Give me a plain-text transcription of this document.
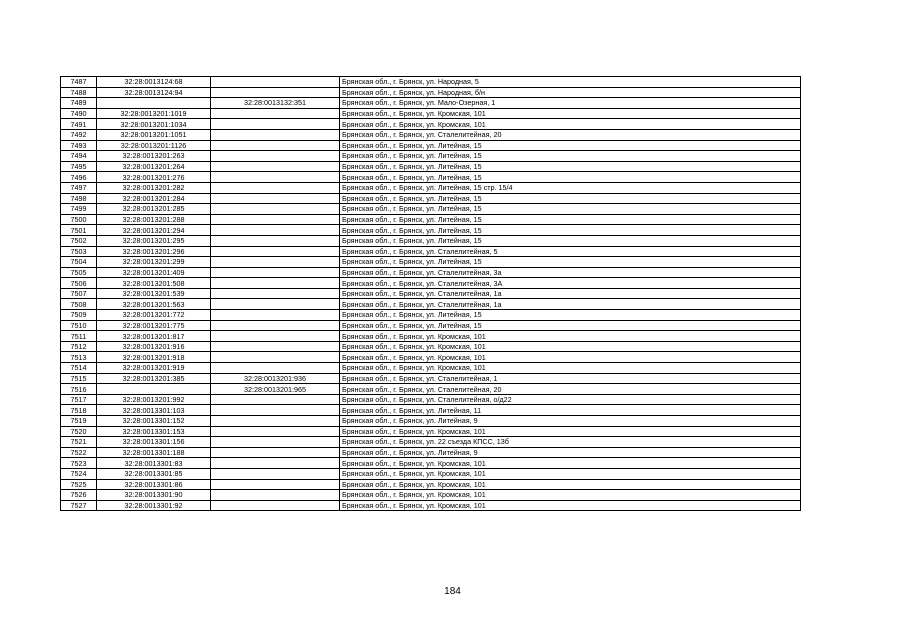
7487	32:28:0013124:68		Брянская обл., г. Брянск, ул. Народная, 5
7488	32:28:0013124:94		Брянская обл., г. Брянск, ул. Народная, б/н
7489		32:28:0013132:351	Брянская обл., г. Брянск, ул. Мало-Озерная, 1
7490	32:28:0013201:1019		Брянская обл., г. Брянск, ул. Кромская, 101
7491	32:28:0013201:1034		Брянская обл., г. Брянск, ул. Кромская, 101
7492	32:28:0013201:1051		Брянская обл., г. Брянск, ул. Сталелитейная, 20
7493	32:28:0013201:1126		Брянская обл., г. Брянск, ул. Литейная, 15
7494	32:28:0013201:263		Брянская обл., г. Брянск, ул. Литейная, 15
7495	32:28:0013201:264		Брянская обл., г. Брянск, ул. Литейная, 15
7496	32:28:0013201:276		Брянская обл., г. Брянск, ул. Литейная, 15
7497	32:28:0013201:282		Брянская обл., г. Брянск, ул. Литейная, 15 стр. 15/4
7498	32:28:0013201:284		Брянская обл., г. Брянск, ул. Литейная, 15
7499	32:28:0013201:285		Брянская обл., г. Брянск, ул. Литейная, 15
7500	32:28:0013201:288		Брянская обл., г. Брянск, ул. Литейная, 15
7501	32:28:0013201:294		Брянская обл., г. Брянск, ул. Литейная, 15
7502	32:28:0013201:295		Брянская обл., г. Брянск, ул. Литейная, 15
7503	32:28:0013201:296		Брянская обл., г. Брянск, ул. Сталелитейная, 5
7504	32:28:0013201:299		Брянская обл., г. Брянск, ул. Литейная, 15
7505	32:28:0013201:409		Брянская обл., г. Брянск, ул. Сталелитейная, 3а
7506	32:28:0013201:508		Брянская обл., г. Брянск, ул. Сталелитейная, 3А
7507	32:28:0013201:539		Брянская обл., г. Брянск, ул. Сталелитейная, 1а
7508	32:28:0013201:563		Брянская обл., г. Брянск, ул. Сталелитейная, 1а
7509	32:28:0013201:772		Брянская обл., г. Брянск, ул. Литейная, 15
7510	32:28:0013201:775		Брянская обл., г. Брянск, ул. Литейная, 15
7511	32:28:0013201:817		Брянская обл., г. Брянск, ул. Кромская, 101
7512	32:28:0013201:916		Брянская обл., г. Брянск, ул. Кромская, 101
7513	32:28:0013201:918		Брянская обл., г. Брянск, ул. Кромская, 101
7514	32:28:0013201:919		Брянская обл., г. Брянск, ул. Кромская, 101
7515	32:28:0013201:385	32:28:0013201:936	Брянская обл., г. Брянск, ул. Сталелитейная, 1
7516		32:28:0013201:965	Брянская обл., г. Брянск, ул. Сталелитейная, 20
7517	32:28:0013201:992		Брянская обл., г. Брянск, ул. Сталелитейная, о/д22
7518	32:28:0013301:103		Брянская обл., г. Брянск, ул. Литейная, 11
7519	32:28:0013301:152		Брянская обл., г. Брянск, ул. Литейная, 9
7520	32:28:0013301:153		Брянская обл., г. Брянск, ул. Кромская, 101
7521	32:28:0013301:156		Брянская обл., г. Брянск, ул. 22 съезда КПСС, 13б
7522	32:28:0013301:188		Брянская обл., г. Брянск, ул. Литейная, 9
7523	32:28:0013301:83		Брянская обл., г. Брянск, ул. Кромская, 101
7524	32:28:0013301:85		Брянская обл., г. Брянск, ул. Кромская, 101
7525	32:28:0013301:86		Брянская обл., г. Брянск, ул. Кромская, 101
7526	32:28:0013301:90		Брянская обл., г. Брянск, ул. Кромская, 101
7527	32:28:0013301:92		Брянская обл., г. Брянск, ул. Кромская, 101
184
